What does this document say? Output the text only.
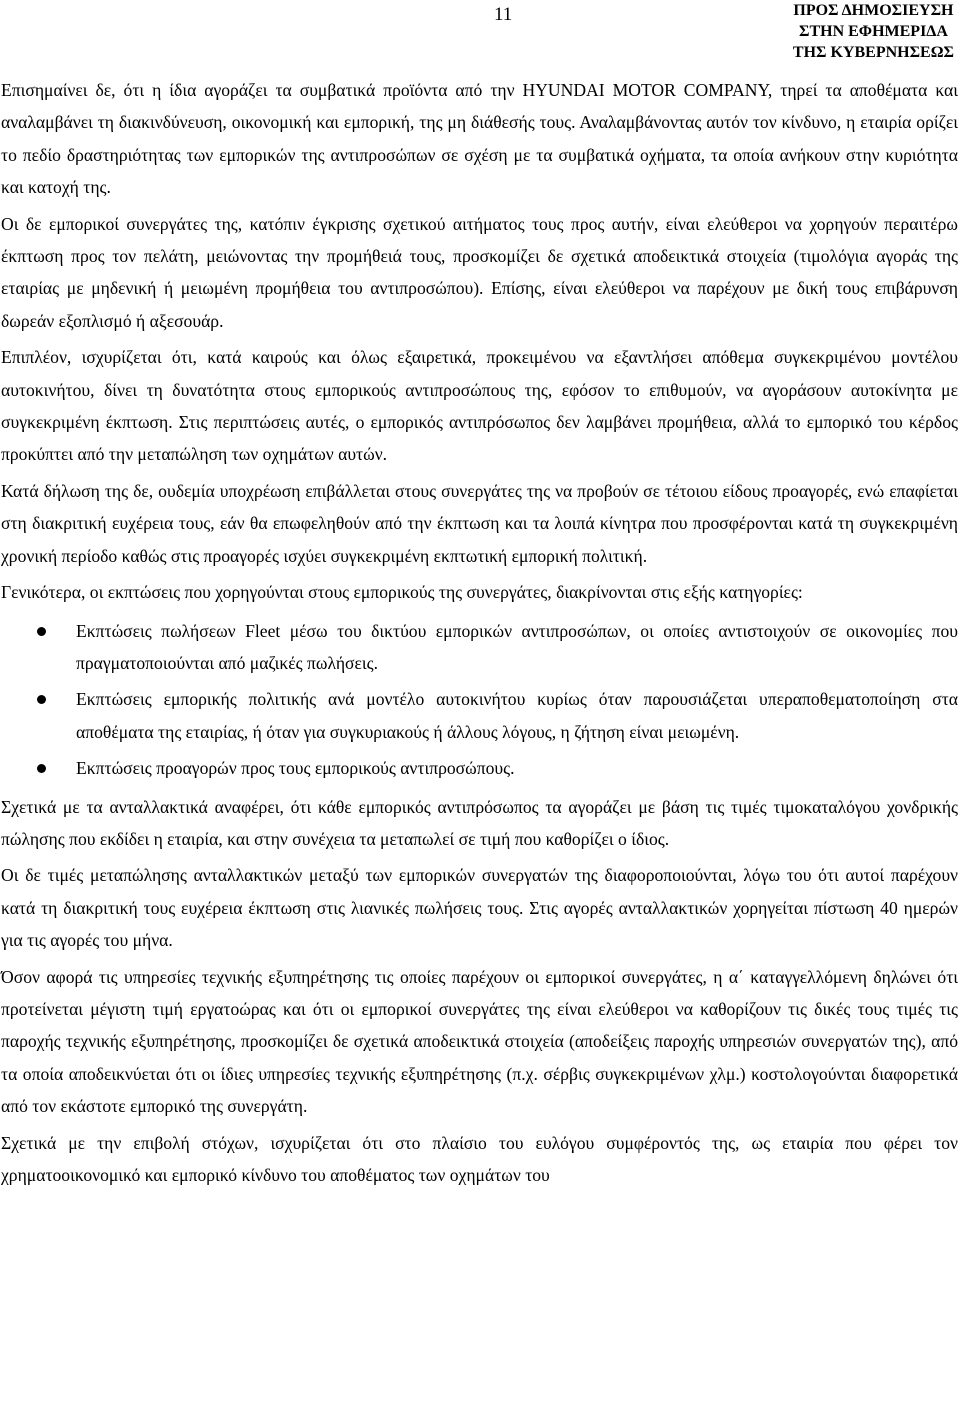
11	ΠΡΟΣ ΔΗΜΟΣΙΕΥΣΗ
ΣΤΗΝ ΕΦΗΜΕΡΙΔΑ
ΤΗΣ ΚΥΒΕΡΝΗΣΕΩΣ

Επισημαίνει δε, ότι η ίδια αγοράζει τα συμβατικά προϊόντα από την HYUNDAI MOTOR COMPANY, τηρεί τα αποθέματα και αναλαμβάνει τη διακινδύνευση, οικονομική και εμπορική, της μη διάθεσής τους. Αναλαμβάνοντας αυτόν τον κίνδυνο, η εταιρία ορίζει το πεδίο δραστηριότητας των εμπορικών της αντιπροσώπων σε σχέση με τα συμβατικά οχήματα, τα οποία ανήκουν στην κυριότητα και κατοχή της.

Οι δε εμπορικοί συνεργάτες της, κατόπιν έγκρισης σχετικού αιτήματος τους προς αυτήν, είναι ελεύθεροι να χορηγούν περαιτέρω έκπτωση προς τον πελάτη, μειώνοντας την προμήθειά τους, προσκομίζει δε σχετικά αποδεικτικά στοιχεία (τιμολόγια αγοράς της εταιρίας με μηδενική ή μειωμένη προμήθεια του αντιπροσώπου). Επίσης, είναι ελεύθεροι να παρέχουν με δική τους επιβάρυνση δωρεάν εξοπλισμό ή αξεσουάρ.

Επιπλέον, ισχυρίζεται ότι, κατά καιρούς και όλως εξαιρετικά, προκειμένου να εξαντλήσει απόθεμα συγκεκριμένου μοντέλου αυτοκινήτου, δίνει τη δυνατότητα στους εμπορικούς αντιπροσώπους της, εφόσον το επιθυμούν, να αγοράσουν αυτοκίνητα με συγκεκριμένη έκπτωση. Στις περιπτώσεις αυτές, ο εμπορικός αντιπρόσωπος δεν λαμβάνει προμήθεια, αλλά το εμπορικό του κέρδος προκύπτει από την μεταπώληση των οχημάτων αυτών.

Κατά δήλωση της δε, ουδεμία υποχρέωση επιβάλλεται στους συνεργάτες της να προβούν σε τέτοιου είδους προαγορές, ενώ επαφίεται στη διακριτική ευχέρεια τους, εάν θα επωφεληθούν από την έκπτωση και τα λοιπά κίνητρα που προσφέρονται κατά τη συγκεκριμένη χρονική περίοδο καθώς στις προαγορές ισχύει συγκεκριμένη εκπτωτική εμπορική πολιτική.

Γενικότερα, οι εκπτώσεις που χορηγούνται στους εμπορικούς της συνεργάτες, διακρίνονται στις εξής κατηγορίες:

Εκπτώσεις πωλήσεων Fleet μέσω του δικτύου εμπορικών αντιπροσώπων, οι οποίες αντιστοιχούν σε οικονομίες που πραγματοποιούνται από μαζικές πωλήσεις.
Εκπτώσεις εμπορικής πολιτικής ανά μοντέλο αυτοκινήτου κυρίως όταν παρουσιάζεται υπεραποθεματοποίηση στα αποθέματα της εταιρίας, ή όταν για συγκυριακούς ή άλλους λόγους, η ζήτηση είναι μειωμένη.
Εκπτώσεις προαγορών προς τους εμπορικούς αντιπροσώπους.

Σχετικά με τα ανταλλακτικά αναφέρει, ότι κάθε εμπορικός αντιπρόσωπος τα αγοράζει με βάση τις τιμές τιμοκαταλόγου χονδρικής πώλησης που εκδίδει η εταιρία, και στην συνέχεια τα μεταπωλεί σε τιμή που καθορίζει ο ίδιος.

Οι δε τιμές μεταπώλησης ανταλλακτικών μεταξύ των εμπορικών συνεργατών της διαφοροποιούνται, λόγω του ότι αυτοί παρέχουν κατά τη διακριτική τους ευχέρεια έκπτωση στις λιανικές πωλήσεις τους. Στις αγορές ανταλλακτικών χορηγείται πίστωση 40 ημερών για τις αγορές του μήνα.

Όσον αφορά τις υπηρεσίες τεχνικής εξυπηρέτησης τις οποίες παρέχουν οι εμπορικοί συνεργάτες, η α΄ καταγγελλόμενη δηλώνει ότι προτείνεται μέγιστη τιμή εργατοώρας και ότι οι εμπορικοί συνεργάτες της είναι ελεύθεροι να καθορίζουν τις δικές τους τιμές τις παροχής τεχνικής εξυπηρέτησης, προσκομίζει δε σχετικά αποδεικτικά στοιχεία (αποδείξεις παροχής υπηρεσιών συνεργατών της), από τα οποία αποδεικνύεται ότι οι ίδιες υπηρεσίες τεχνικής εξυπηρέτησης (π.χ. σέρβις συγκεκριμένων χλμ.) κοστολογούνται διαφορετικά από τον εκάστοτε εμπορικό της συνεργάτη.

Σχετικά με την επιβολή στόχων, ισχυρίζεται ότι στο πλαίσιο του ευλόγου συμφέροντός της, ως εταιρία που φέρει τον χρηματοοικονομικό και εμπορικό κίνδυνο του αποθέματος των οχημάτων του
